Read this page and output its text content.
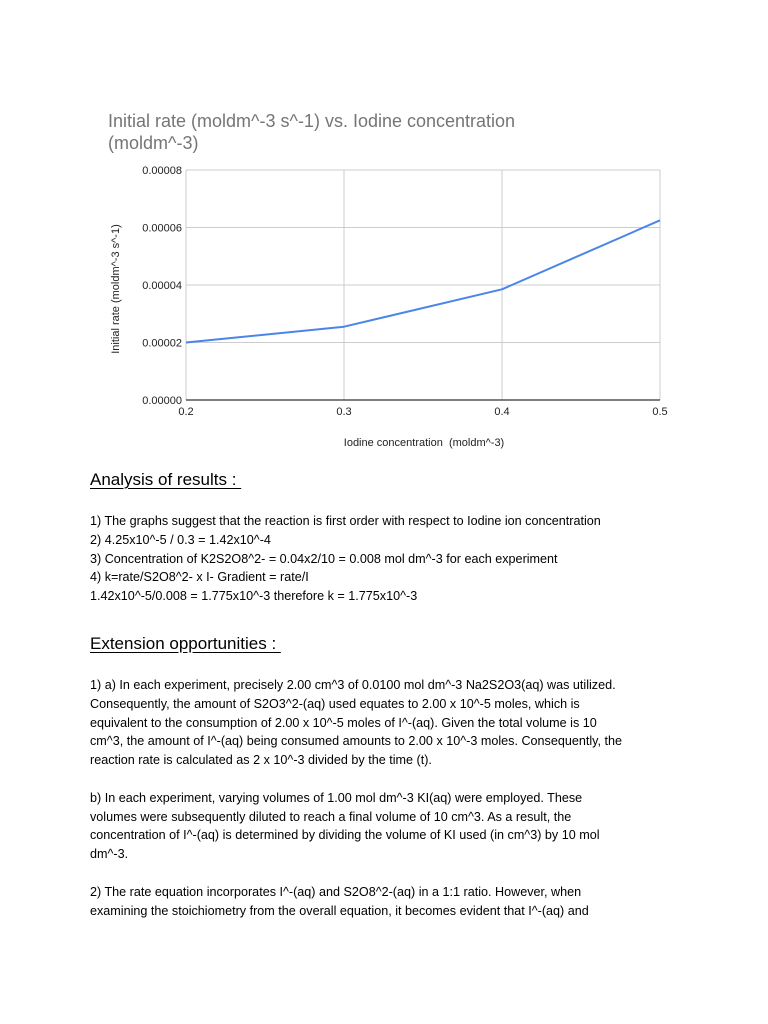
Initial rate (moldm^-3 s^-1) vs. Iodine concentration
(moldm^-3)
0.00000
0.00002
0.00004
0.00006
0.00008
0.2	0.3	0.4	0.5
Iodine concentration  (moldm^-3)
Initial rate (moldm^-3 s^-1)
Analysis of results :
1) The graphs suggest that the reaction is first order with respect to Iodine ion concentration
2) 4.25x10^-5 / 0.3 = 1.42x10^-4
3) Concentration of K2S2O8^2- = 0.04x2/10 = 0.008 mol dm^-3 for each experiment
4) k=rate/S2O8^2- x I- Gradient = rate/I
1.42x10^-5/0.008 = 1.775x10^-3 therefore k = 1.775x10^-3
Extension opportunities :
1) a) In each experiment, precisely 2.00 cm^3 of 0.0100 mol dm^-3 Na2S2O3(aq) was utilized.
Consequently, the amount of S2O3^2-(aq) used equates to 2.00 x 10^-5 moles, which is
equivalent to the consumption of 2.00 x 10^-5 moles of I^-(aq). Given the total volume is 10
cm^3, the amount of I^-(aq) being consumed amounts to 2.00 x 10^-3 moles. Consequently, the
reaction rate is calculated as 2 x 10^-3 divided by the time (t).
b) In each experiment, varying volumes of 1.00 mol dm^-3 KI(aq) were employed. These
volumes were subsequently diluted to reach a final volume of 10 cm^3. As a result, the
concentration of I^-(aq) is determined by dividing the volume of KI used (in cm^3) by 10 mol
dm^-3.
2) The rate equation incorporates I^-(aq) and S2O8^2-(aq) in a 1:1 ratio. However, when
examining the stoichiometry from the overall equation, it becomes evident that I^-(aq) and
